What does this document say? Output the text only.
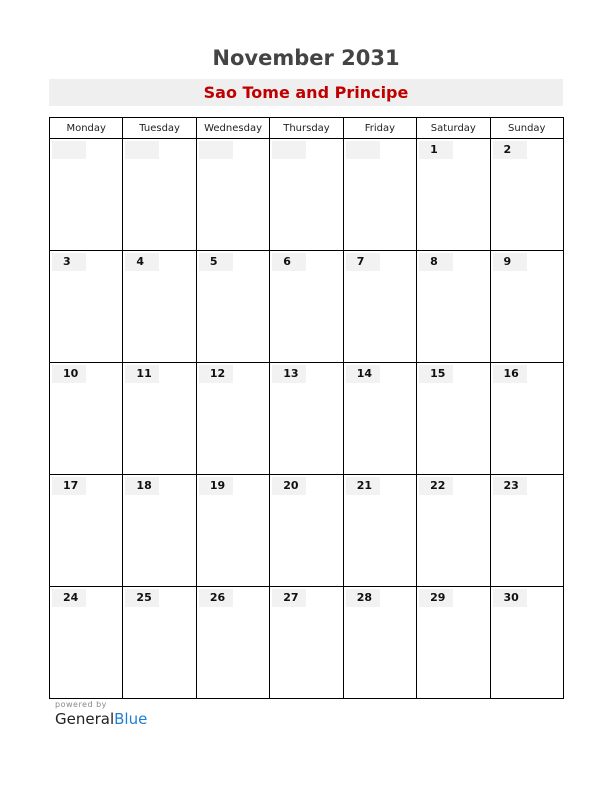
November 2031
Sao Tome and Principe
Monday	Tuesday	Wednesday	Thursday	Friday	Saturday	Sunday

					1	2

3	4	5	6	7	8	9

10	11	12	13	14	15	16

17	18	19	20	21	22	23

24	25	26	27	28	29	30
powered by
GeneralBlue
